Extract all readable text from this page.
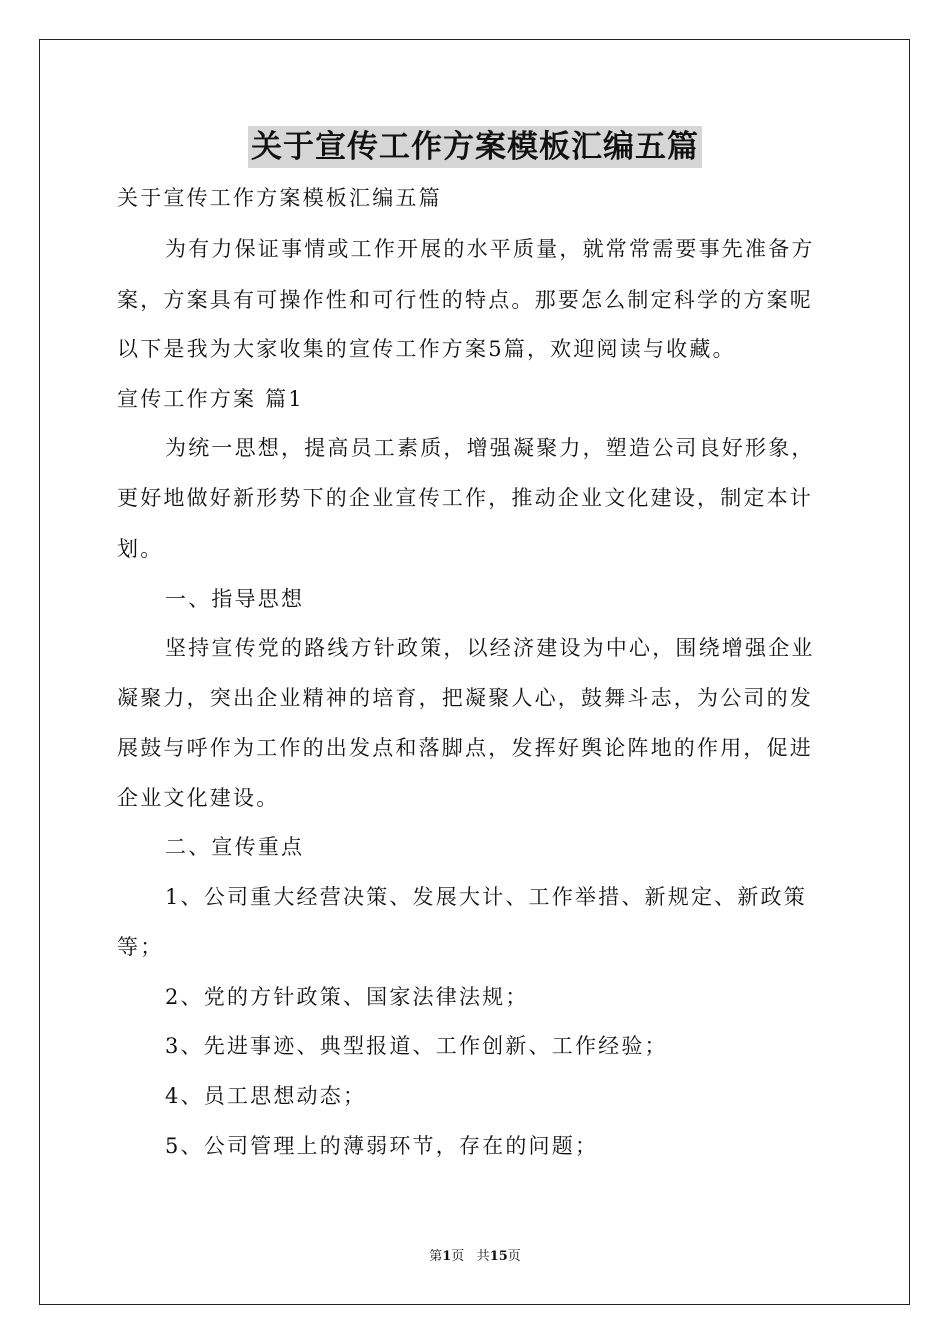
关于宣传工作方案模板汇编五篇
关于宣传工作方案模板汇编五篇
为有力保证事情或工作开展的水平质量，就常常需要事先准备方
案，方案具有可操作性和可行性的特点。那要怎么制定科学的方案呢
以下是我为大家收集的宣传工作方案5篇，欢迎阅读与收藏。
宣传工作方案 篇1
为统一思想，提高员工素质，增强凝聚力，塑造公司良好形象，
更好地做好新形势下的企业宣传工作，推动企业文化建设，制定本计
划。
一、指导思想
坚持宣传党的路线方针政策，以经济建设为中心，围绕增强企业
凝聚力，突出企业精神的培育，把凝聚人心，鼓舞斗志，为公司的发
展鼓与呼作为工作的出发点和落脚点，发挥好舆论阵地的作用，促进
企业文化建设。
二、宣传重点
1、公司重大经营决策、发展大计、工作举措、新规定、新政策
等；
2、党的方针政策、国家法律法规；
3、先进事迹、典型报道、工作创新、工作经验；
4、员工思想动态；
5、公司管理上的薄弱环节，存在的问题；
第1页 共15页
